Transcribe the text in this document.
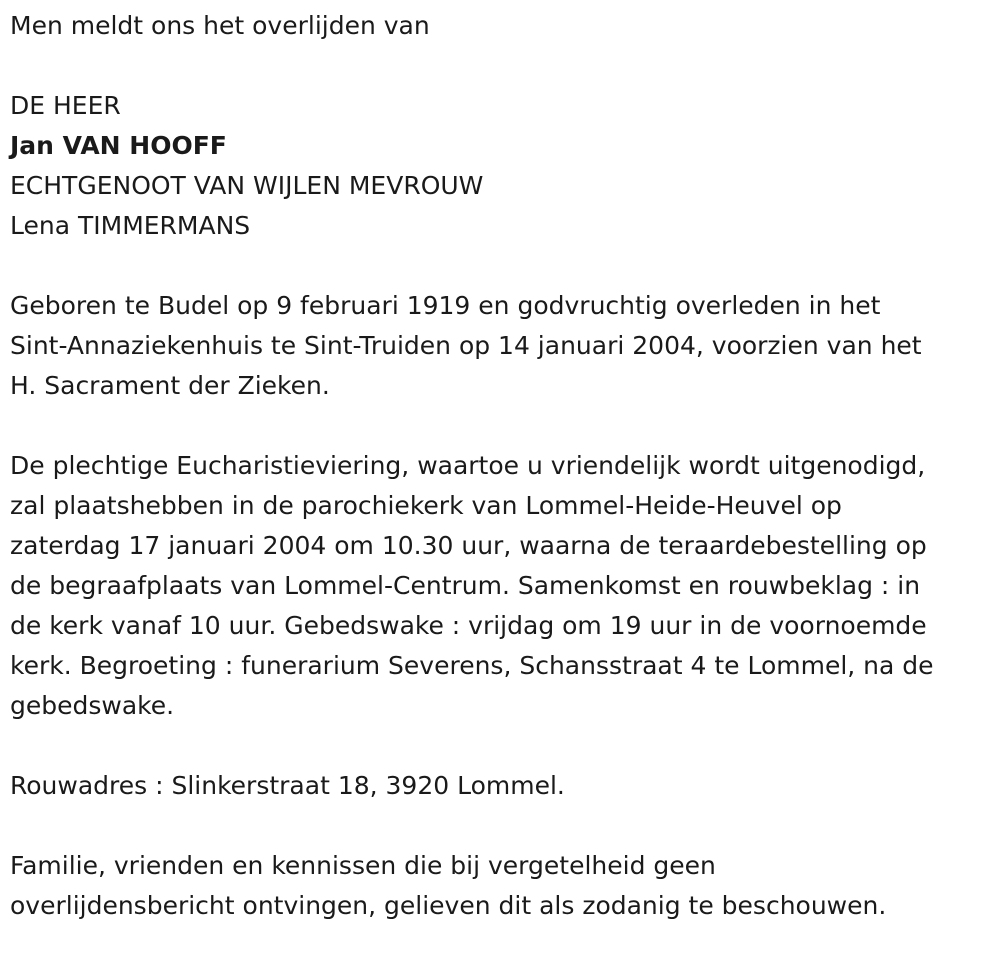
Men meldt ons het overlijden van

DE HEER

Jan VAN HOOFF

ECHTGENOOT VAN WIJLEN MEVROUW

Lena TIMMERMANS

Geboren te Budel op 9 februari 1919 en godvruchtig overleden in het

Sint-Annaziekenhuis te Sint-Truiden op 14 januari 2004, voorzien van het

H. Sacrament der Zieken.

De plechtige Eucharistieviering, waartoe u vriendelijk wordt uitgenodigd,

zal plaatshebben in de parochiekerk van Lommel-Heide-Heuvel op

zaterdag 17 januari 2004 om 10.30 uur, waarna de teraardebestelling op

de begraafplaats van Lommel-Centrum. Samenkomst en rouwbeklag : in

de kerk vanaf 10 uur. Gebedswake : vrijdag om 19 uur in de voornoemde

kerk. Begroeting : funerarium Severens, Schansstraat 4 te Lommel, na de

gebedswake.

Rouwadres : Slinkerstraat 18, 3920 Lommel.

Familie, vrienden en kennissen die bij vergetelheid geen

overlijdensbericht ontvingen, gelieven dit als zodanig te beschouwen.
